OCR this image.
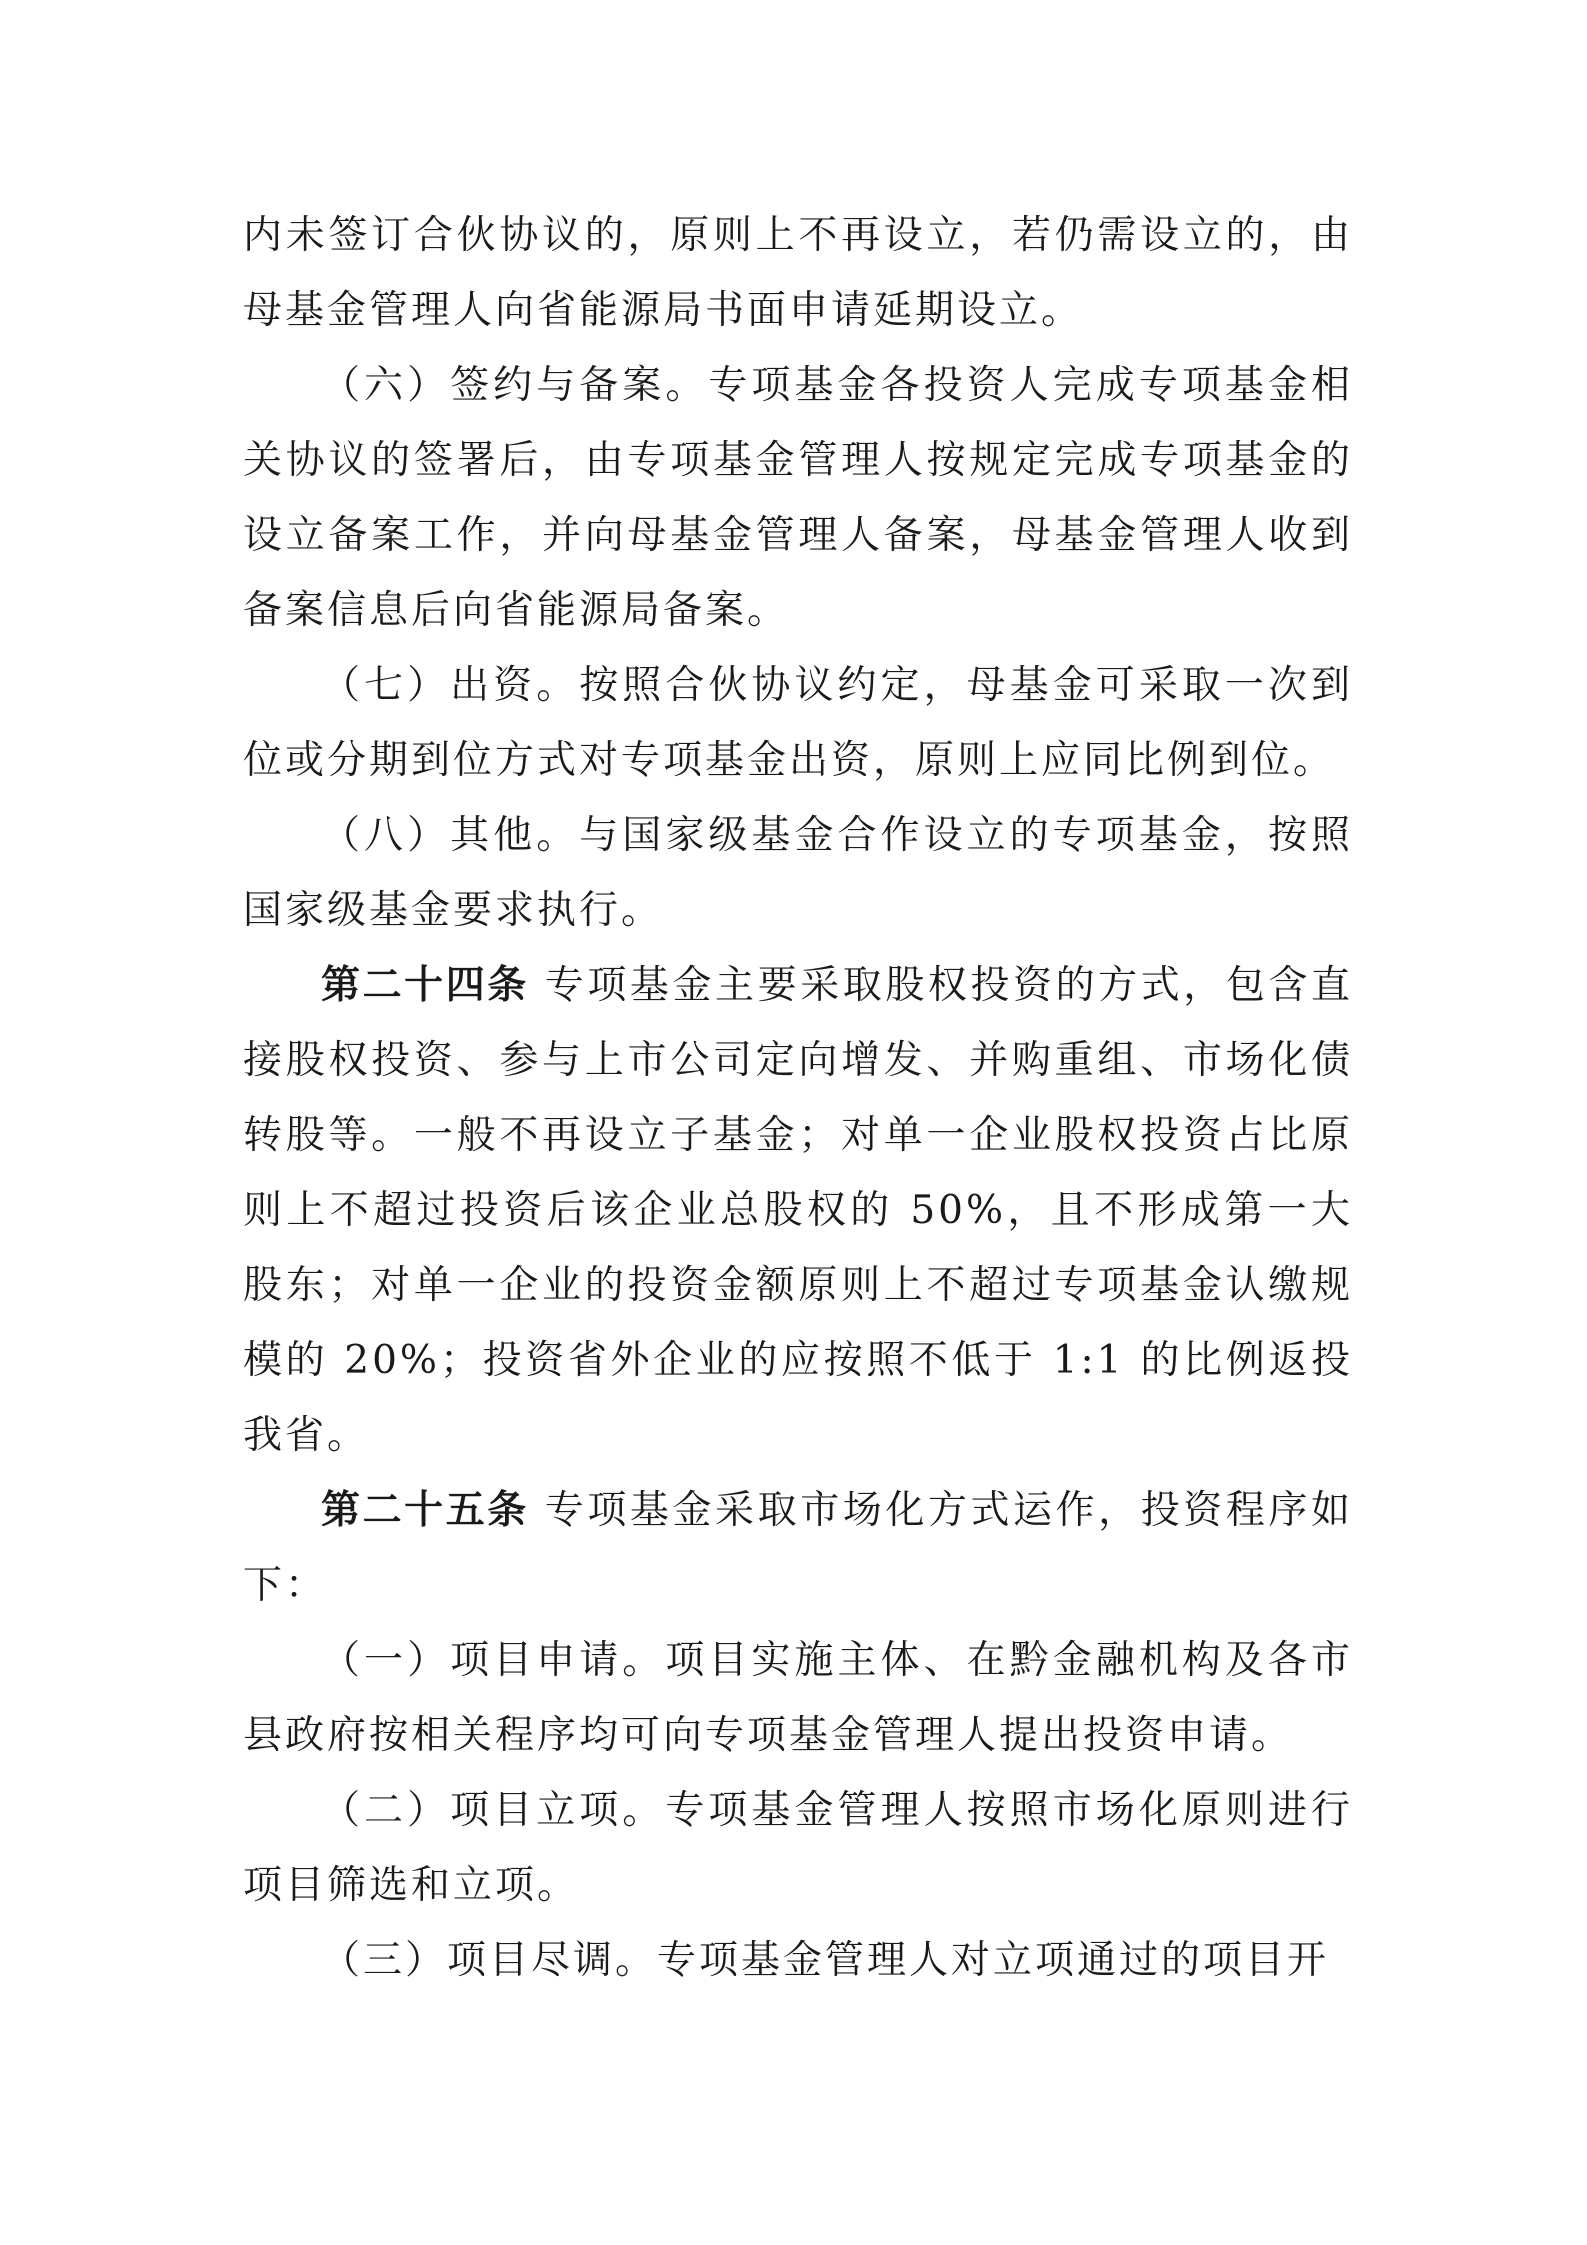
内未签订合伙协议的，原则上不再设立，若仍需设立的，由母基金管理人向省能源局书面申请延期设立。

（六）签约与备案。专项基金各投资人完成专项基金相关协议的签署后，由专项基金管理人按规定完成专项基金的设立备案工作，并向母基金管理人备案，母基金管理人收到备案信息后向省能源局备案。

（七）出资。按照合伙协议约定，母基金可采取一次到位或分期到位方式对专项基金出资，原则上应同比例到位。

（八）其他。与国家级基金合作设立的专项基金，按照国家级基金要求执行。

第二十四条 专项基金主要采取股权投资的方式，包含直接股权投资、参与上市公司定向增发、并购重组、市场化债转股等。一般不再设立子基金；对单一企业股权投资占比原则上不超过投资后该企业总股权的 50%，且不形成第一大股东；对单一企业的投资金额原则上不超过专项基金认缴规模的 20%；投资省外企业的应按照不低于 1:1 的比例返投我省。

第二十五条 专项基金采取市场化方式运作，投资程序如下：

（一）项目申请。项目实施主体、在黔金融机构及各市县政府按相关程序均可向专项基金管理人提出投资申请。

（二）项目立项。专项基金管理人按照市场化原则进行项目筛选和立项。

（三）项目尽调。专项基金管理人对立项通过的项目开
